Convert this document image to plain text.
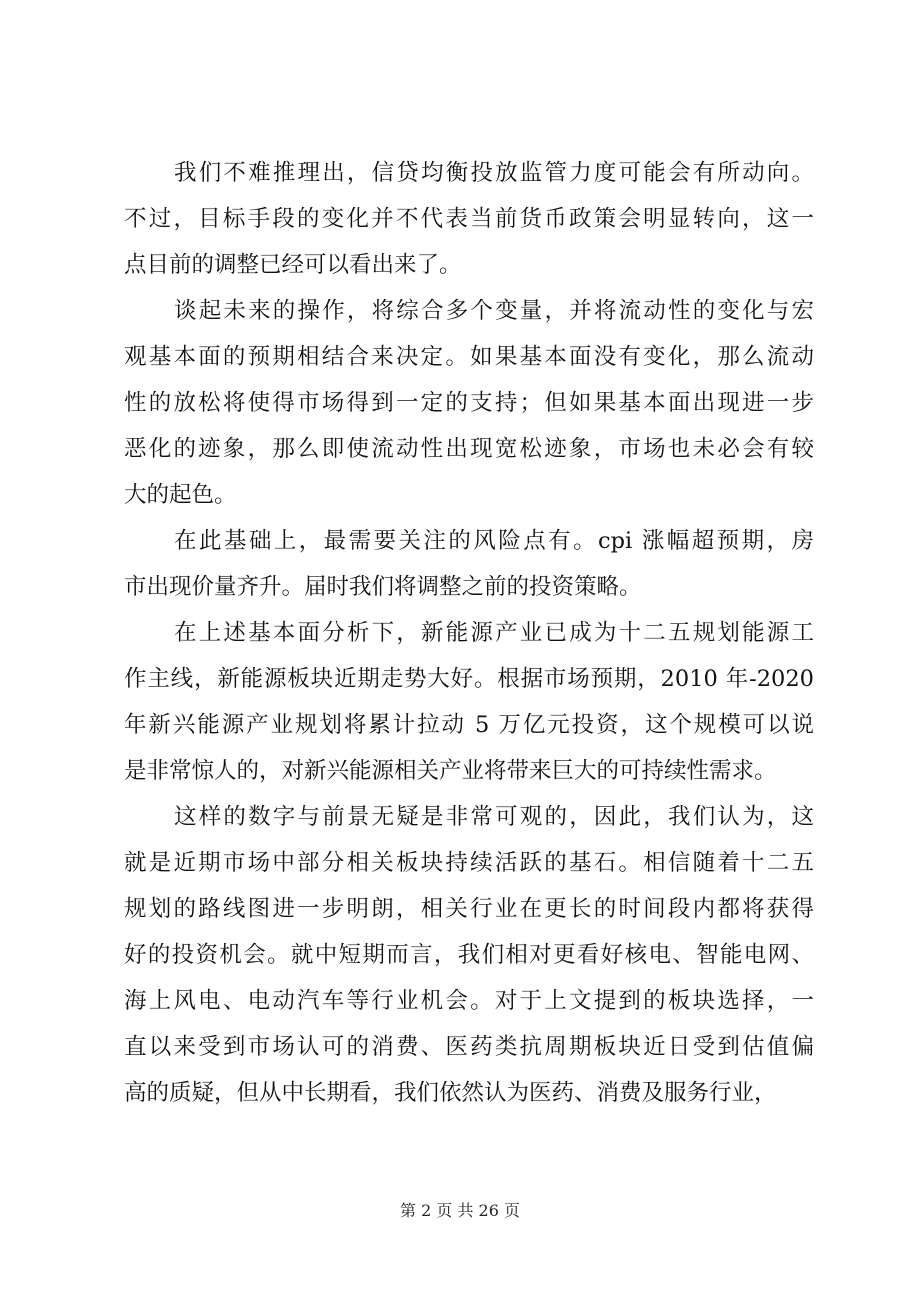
我们不难推理出，信贷均衡投放监管力度可能会有所动向。
不过，目标手段的变化并不代表当前货币政策会明显转向，这一
点目前的调整已经可以看出来了。
谈起未来的操作，将综合多个变量，并将流动性的变化与宏
观基本面的预期相结合来决定。如果基本面没有变化，那么流动
性的放松将使得市场得到一定的支持；但如果基本面出现进一步
恶化的迹象，那么即使流动性出现宽松迹象，市场也未必会有较
大的起色。
在此基础上，最需要关注的风险点有。cpi 涨幅超预期，房
市出现价量齐升。届时我们将调整之前的投资策略。
在上述基本面分析下，新能源产业已成为十二五规划能源工
作主线，新能源板块近期走势大好。根据市场预期，2010 年-2020
年新兴能源产业规划将累计拉动 5 万亿元投资，这个规模可以说
是非常惊人的，对新兴能源相关产业将带来巨大的可持续性需求。
这样的数字与前景无疑是非常可观的，因此，我们认为，这
就是近期市场中部分相关板块持续活跃的基石。相信随着十二五
规划的路线图进一步明朗，相关行业在更长的时间段内都将获得
好的投资机会。就中短期而言，我们相对更看好核电、智能电网、
海上风电、电动汽车等行业机会。对于上文提到的板块选择，一
直以来受到市场认可的消费、医药类抗周期板块近日受到估值偏
高的质疑，但从中长期看，我们依然认为医药、消费及服务行业，
第 2 页 共 26 页
